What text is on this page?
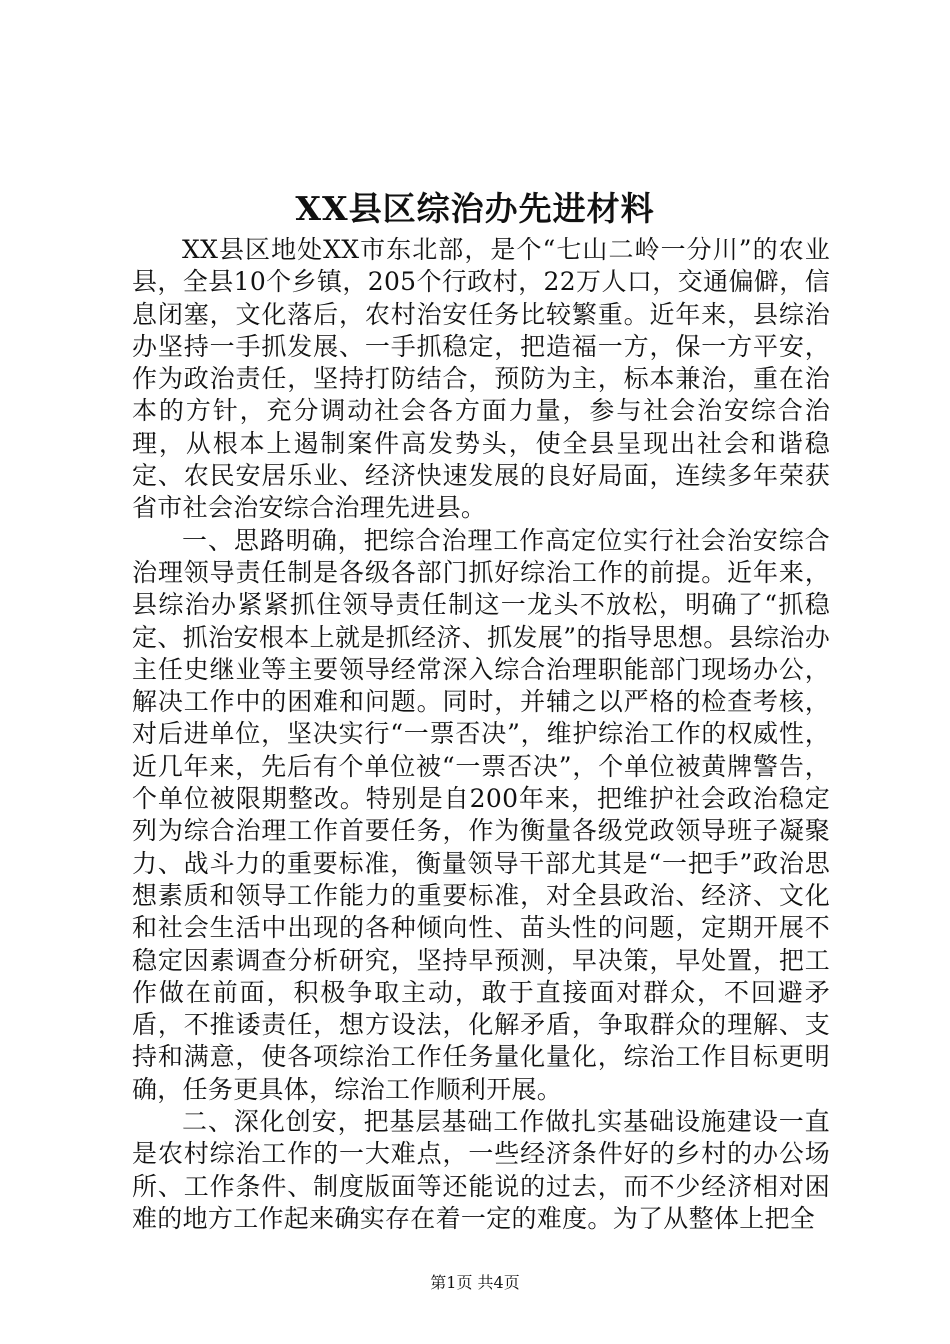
XX县区综治办先进材料

XX县区地处XX市东北部，是个“七山二岭一分川”的农业县，全县10个乡镇，205个行政村，22万人口，交通偏僻，信息闭塞，文化落后，农村治安任务比较繁重。近年来，县综治办坚持一手抓发展、一手抓稳定，把造福一方，保一方平安，作为政治责任，坚持打防结合，预防为主，标本兼治，重在治本的方针，充分调动社会各方面力量，参与社会治安综合治理，从根本上遏制案件高发势头，使全县呈现出社会和谐稳定、农民安居乐业、经济快速发展的良好局面，连续多年荣获省市社会治安综合治理先进县。

一、思路明确，把综合治理工作高定位实行社会治安综合治理领导责任制是各级各部门抓好综治工作的前提。近年来，县综治办紧紧抓住领导责任制这一龙头不放松，明确了“抓稳定、抓治安根本上就是抓经济、抓发展”的指导思想。县综治办主任史继业等主要领导经常深入综合治理职能部门现场办公，解决工作中的困难和问题。同时，并辅之以严格的检查考核，对后进单位，坚决实行“一票否决”，维护综治工作的权威性，近几年来，先后有个单位被“一票否决”，个单位被黄牌警告，个单位被限期整改。特别是自200年来，把维护社会政治稳定列为综合治理工作首要任务，作为衡量各级党政领导班子凝聚力、战斗力的重要标准，衡量领导干部尤其是“一把手”政治思想素质和领导工作能力的重要标准，对全县政治、经济、文化和社会生活中出现的各种倾向性、苗头性的问题，定期开展不稳定因素调查分析研究，坚持早预测，早决策，早处置，把工作做在前面，积极争取主动，敢于直接面对群众，不回避矛盾，不推诿责任，想方设法，化解矛盾，争取群众的理解、支持和满意，使各项综治工作任务量化量化，综治工作目标更明确，任务更具体，综治工作顺利开展。

二、深化创安，把基层基础工作做扎实基础设施建设一直是农村综治工作的一大难点，一些经济条件好的乡村的办公场所、工作条件、制度版面等还能说的过去，而不少经济相对困难的地方工作起来确实存在着一定的难度。为了从整体上把全

第1页 共4页
